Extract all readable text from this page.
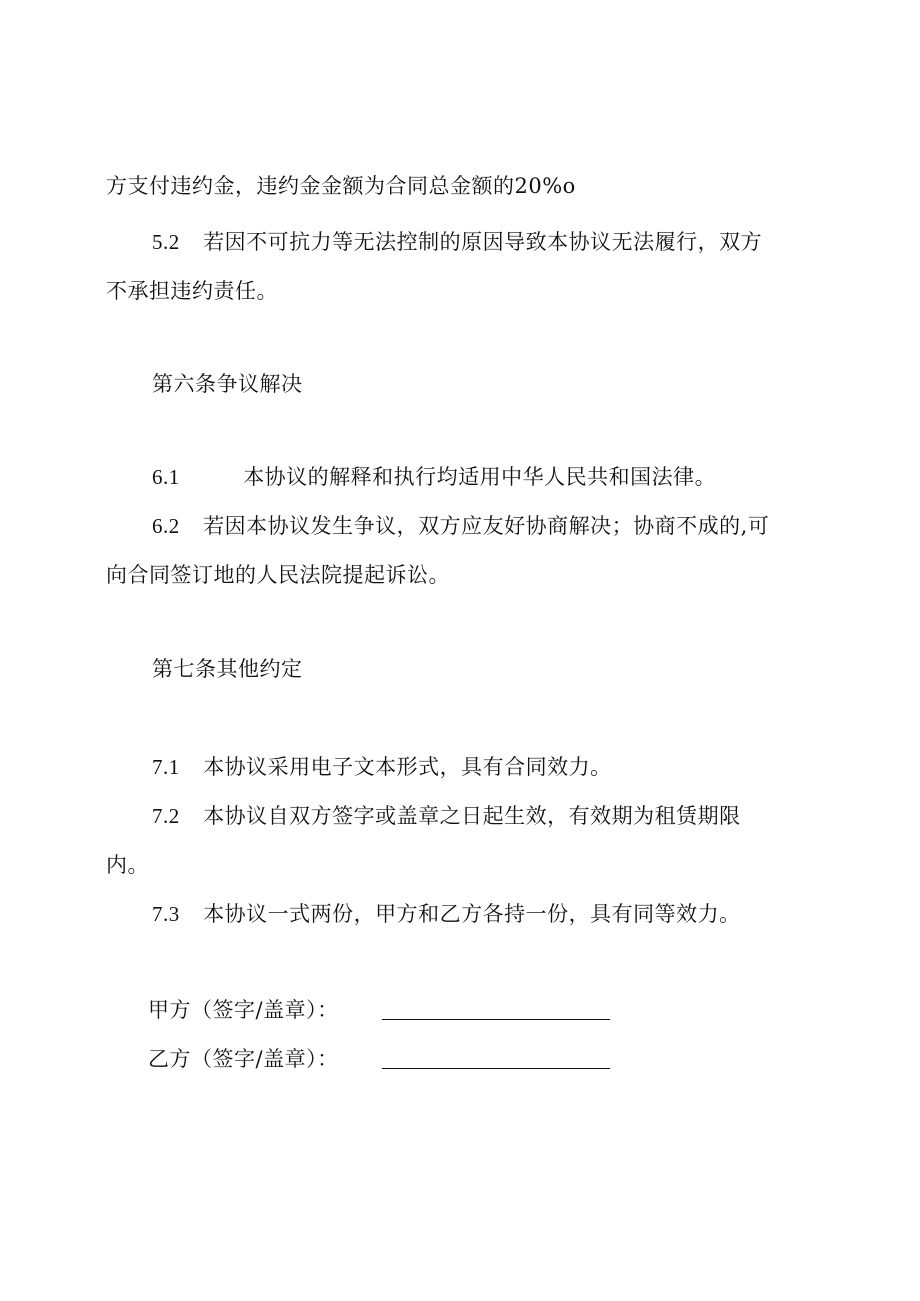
方支付违约金，违约金金额为合同总金额的20%o
5.2 若因不可抗力等无法控制的原因导致本协议无法履行，双方
不承担违约责任。
第六条争议解决
6.1	本协议的解释和执行均适用中华人民共和国法律。
6.2 若因本协议发生争议，双方应友好协商解决；协商不成的,可
向合同签订地的人民法院提起诉讼。
第七条其他约定
7.1 本协议采用电子文本形式，具有合同效力。
7.2 本协议自双方签字或盖章之日起生效，有效期为租赁期限
内。
7.3 本协议一式两份，甲方和乙方各持一份，具有同等效力。
甲方（签字/盖章）：
乙方（签字/盖章）：
